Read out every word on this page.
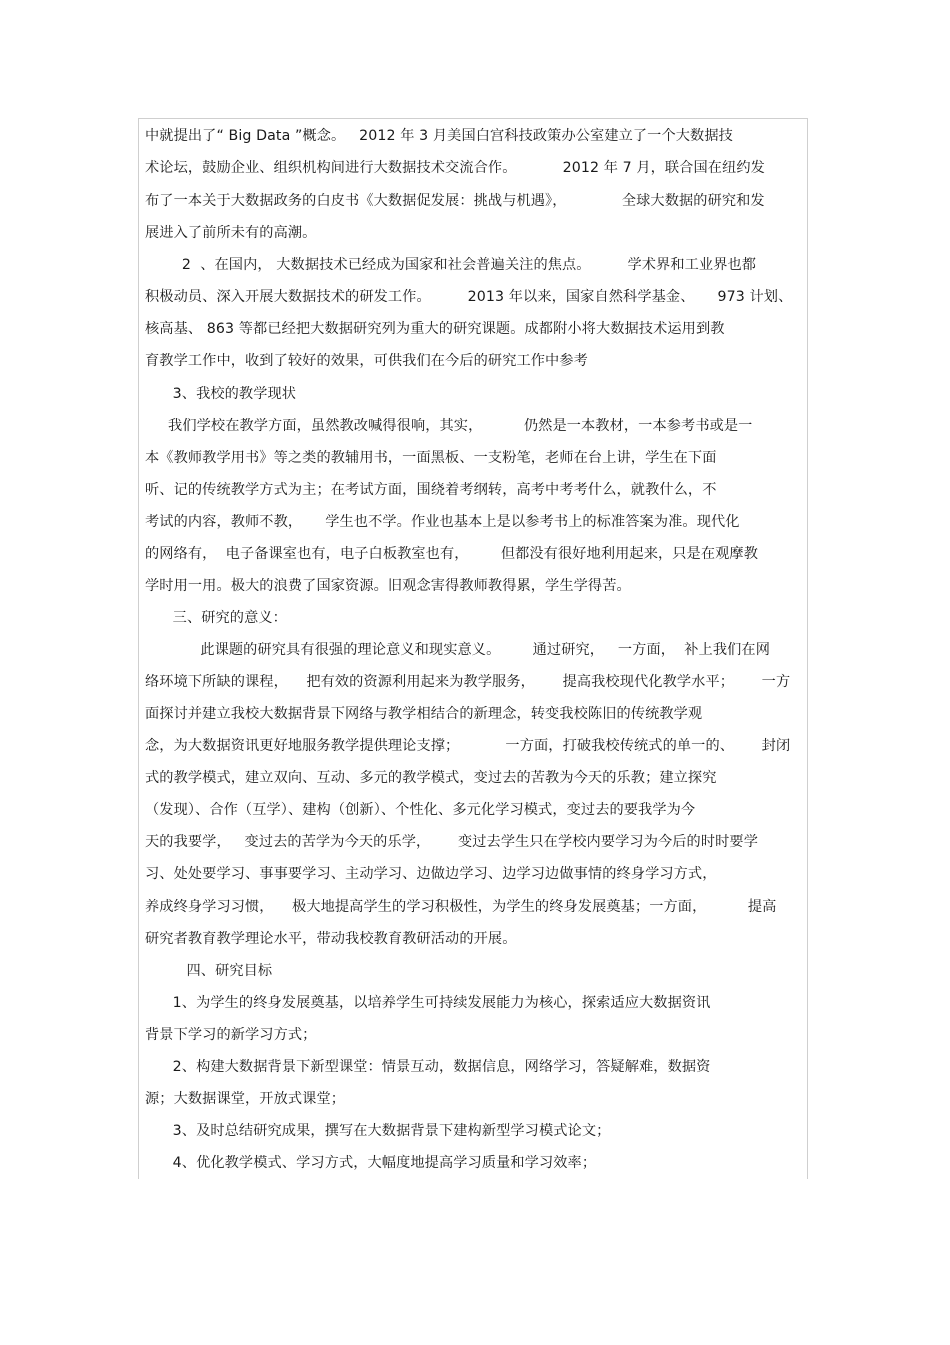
中就提出了“ Big Data ”概念。   2012 年 3 月美国白宫科技政策办公室建立了一个大数据技
术论坛，鼓励企业、组织机构间进行大数据技术交流合作。          2012 年 7 月，联合国在纽约发
布了一本关于大数据政务的白皮书《大数据促发展：挑战与机遇》，            全球大数据的研究和发
展进入了前所未有的高潮。
2  、在国内， 大数据技术已经成为国家和社会普遍关注的焦点。        学术界和工业界也都
积极动员、深入开展大数据技术的研发工作。        2013 年以来，国家自然科学基金、     973 计划、
核高基、 863 等都已经把大数据研究列为重大的研究课题。成都附小将大数据技术运用到教
育教学工作中，收到了较好的效果，可供我们在今后的研究工作中参考
3、我校的教学现状
我们学校在教学方面，虽然教改喊得很响，其实，         仍然是一本教材，一本参考书或是一
本《教师教学用书》等之类的教辅用书，一面黑板、一支粉笔，老师在台上讲，学生在下面
听、记的传统教学方式为主；在考试方面，围绕着考纲转，高考中考考什么，就教什么，不
考试的内容，教师不教，     学生也不学。作业也基本上是以参考书上的标准答案为准。现代化
的网络有，  电子备课室也有，电子白板教室也有，       但都没有很好地利用起来，只是在观摩教
学时用一用。极大的浪费了国家资源。旧观念害得教师教得累，学生学得苦。
三、研究的意义：
此课题的研究具有很强的理论意义和现实意义。       通过研究，   一方面，  补上我们在网
络环境下所缺的课程，    把有效的资源利用起来为教学服务，      提高我校现代化教学水平；      一方
面探讨并建立我校大数据背景下网络与教学相结合的新理念，转变我校陈旧的传统教学观
念，为大数据资讯更好地服务教学提供理论支撑；          一方面，打破我校传统式的单一的、      封闭
式的教学模式，建立双向、互动、多元的教学模式，变过去的苦教为今天的乐教；建立探究
（发现）、合作（互学）、建构（创新）、个性化、多元化学习模式，变过去的要我学为今
天的我要学，   变过去的苦学为今天的乐学，      变过去学生只在学校内要学习为今后的时时要学
习、处处要学习、事事要学习、主动学习、边做边学习、边学习边做事情的终身学习方式，
养成终身学习习惯，    极大地提高学生的学习积极性，为学生的终身发展奠基；一方面，         提高
研究者教育教学理论水平，带动我校教育教研活动的开展。
四、研究目标
1、为学生的终身发展奠基，以培养学生可持续发展能力为核心，探索适应大数据资讯
背景下学习的新学习方式；
2、构建大数据背景下新型课堂：情景互动，数据信息，网络学习，答疑解难，数据资
源；大数据课堂，开放式课堂；
3、及时总结研究成果，撰写在大数据背景下建构新型学习模式论文；
4、优化教学模式、学习方式，大幅度地提高学习质量和学习效率；
